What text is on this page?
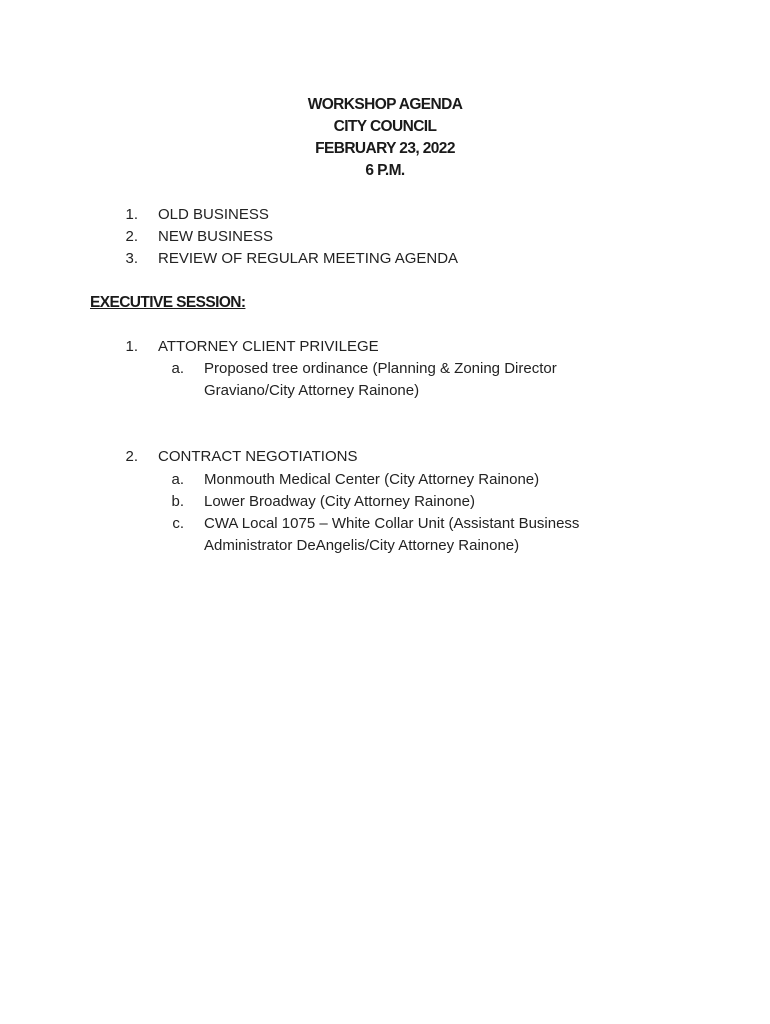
WORKSHOP AGENDA
CITY COUNCIL
FEBRUARY 23, 2022
6 P.M.
1. OLD BUSINESS
2. NEW BUSINESS
3. REVIEW OF REGULAR MEETING AGENDA
EXECUTIVE SESSION:
1. ATTORNEY CLIENT PRIVILEGE
a. Proposed tree ordinance (Planning & Zoning Director
Graviano/City Attorney Rainone)
2. CONTRACT NEGOTIATIONS
a. Monmouth Medical Center (City Attorney Rainone)
b. Lower Broadway (City Attorney Rainone)
c. CWA Local 1075 – White Collar Unit (Assistant Business
Administrator DeAngelis/City Attorney Rainone)
